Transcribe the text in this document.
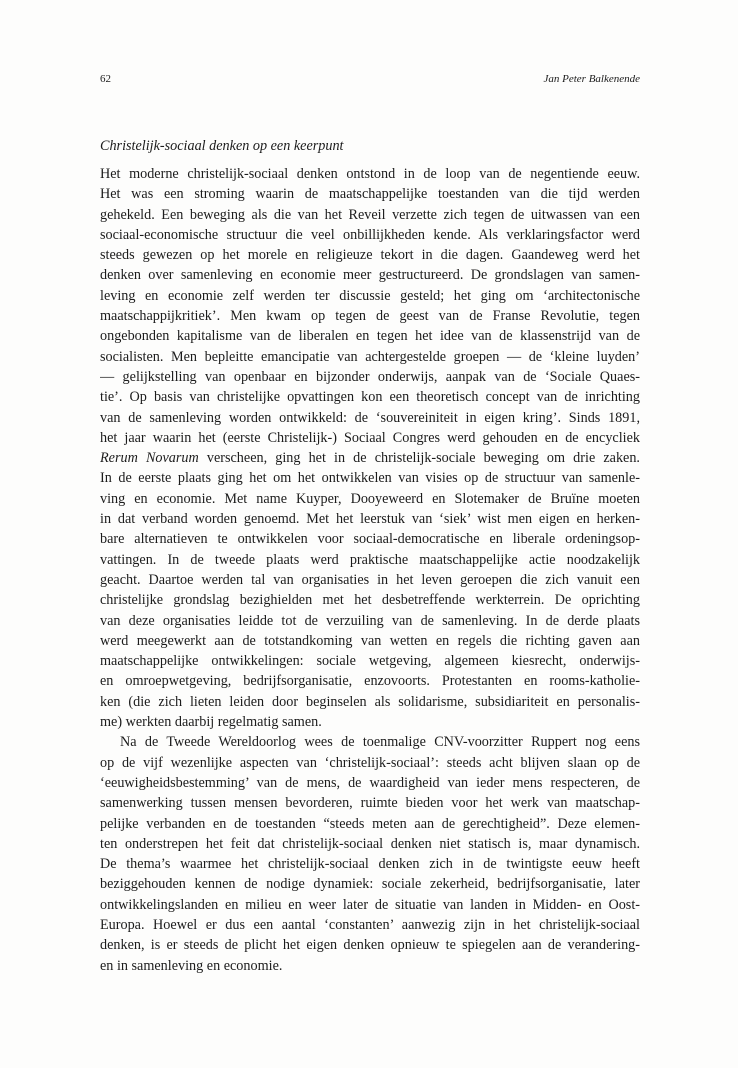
62	Jan Peter Balkenende
Christelijk-sociaal denken op een keerpunt
Het moderne christelijk-sociaal denken ontstond in de loop van de negentiende eeuw.
Het was een stroming waarin de maatschappelijke toestanden van die tijd werden
gehekeld. Een beweging als die van het Reveil verzette zich tegen de uitwassen van een
sociaal-economische structuur die veel onbillijkheden kende. Als verklaringsfactor werd
steeds gewezen op het morele en religieuze tekort in die dagen. Gaandeweg werd het
denken over samenleving en economie meer gestructureerd. De grondslagen van samen-
leving en economie zelf werden ter discussie gesteld; het ging om ‘architectonische
maatschappijkritiek’. Men kwam op tegen de geest van de Franse Revolutie, tegen
ongebonden kapitalisme van de liberalen en tegen het idee van de klassenstrijd van de
socialisten. Men bepleitte emancipatie van achtergestelde groepen — de ‘kleine luyden’
— gelijkstelling van openbaar en bijzonder onderwijs, aanpak van de ‘Sociale Quaes-
tie’. Op basis van christelijke opvattingen kon een theoretisch concept van de inrichting
van de samenleving worden ontwikkeld: de ‘souvereiniteit in eigen kring’. Sinds 1891,
het jaar waarin het (eerste Christelijk-) Sociaal Congres werd gehouden en de encycliek
Rerum Novarum verscheen, ging het in de christelijk-sociale beweging om drie zaken.
In de eerste plaats ging het om het ontwikkelen van visies op de structuur van samenle-
ving en economie. Met name Kuyper, Dooyeweerd en Slotemaker de Bruïne moeten
in dat verband worden genoemd. Met het leerstuk van ‘siek’ wist men eigen en herken-
bare alternatieven te ontwikkelen voor sociaal-democratische en liberale ordeningsop-
vattingen. In de tweede plaats werd praktische maatschappelijke actie noodzakelijk
geacht. Daartoe werden tal van organisaties in het leven geroepen die zich vanuit een
christelijke grondslag bezighielden met het desbetreffende werkterrein. De oprichting
van deze organisaties leidde tot de verzuiling van de samenleving. In de derde plaats
werd meegewerkt aan de totstandkoming van wetten en regels die richting gaven aan
maatschappelijke ontwikkelingen: sociale wetgeving, algemeen kiesrecht, onderwijs-
en omroepwetgeving, bedrijfsorganisatie, enzovoorts. Protestanten en rooms-katholie-
ken (die zich lieten leiden door beginselen als solidarisme, subsidiariteit en personalis-
me) werkten daarbij regelmatig samen.
Na de Tweede Wereldoorlog wees de toenmalige CNV-voorzitter Ruppert nog eens
op de vijf wezenlijke aspecten van ‘christelijk-sociaal’: steeds acht blijven slaan op de
‘eeuwigheidsbestemming’ van de mens, de waardigheid van ieder mens respecteren, de
samenwerking tussen mensen bevorderen, ruimte bieden voor het werk van maatschap-
pelijke verbanden en de toestanden “steeds meten aan de gerechtigheid”. Deze elemen-
ten onderstrepen het feit dat christelijk-sociaal denken niet statisch is, maar dynamisch.
De thema’s waarmee het christelijk-sociaal denken zich in de twintigste eeuw heeft
beziggehouden kennen de nodige dynamiek: sociale zekerheid, bedrijfsorganisatie, later
ontwikkelingslanden en milieu en weer later de situatie van landen in Midden- en Oost-
Europa. Hoewel er dus een aantal ‘constanten’ aanwezig zijn in het christelijk-sociaal
denken, is er steeds de plicht het eigen denken opnieuw te spiegelen aan de verandering-
en in samenleving en economie.
